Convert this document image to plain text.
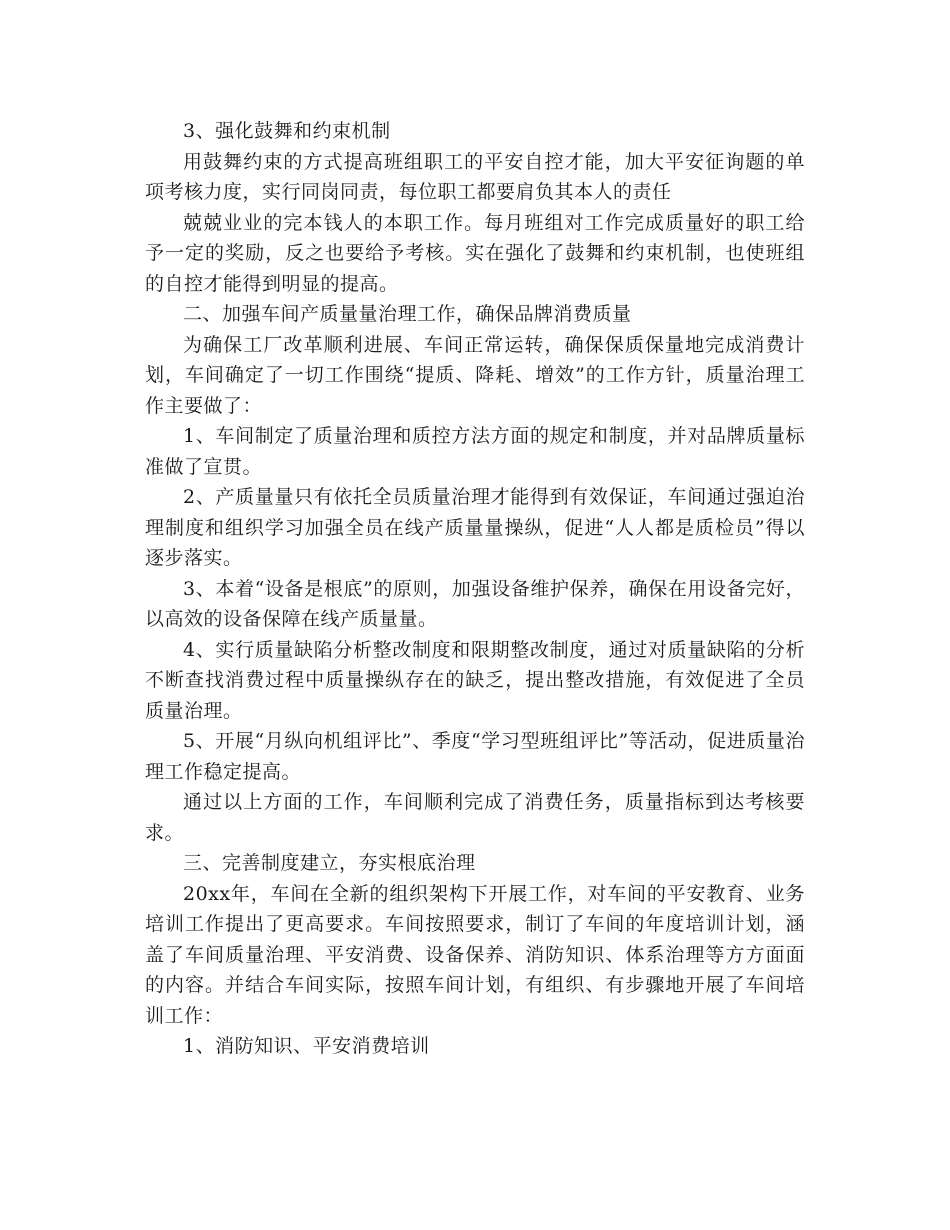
3、强化鼓舞和约束机制

用鼓舞约束的方式提高班组职工的平安自控才能，加大平安征询题的单项考核力度，实行同岗同责，每位职工都要肩负其本人的责任

兢兢业业的完本钱人的本职工作。每月班组对工作完成质量好的职工给予一定的奖励，反之也要给予考核。实在强化了鼓舞和约束机制，也使班组的自控才能得到明显的提高。

二、加强车间产质量量治理工作，确保品牌消费质量

为确保工厂改革顺利进展、车间正常运转，确保保质保量地完成消费计划，车间确定了一切工作围绕“提质、降耗、增效”的工作方针，质量治理工作主要做了：

1、车间制定了质量治理和质控方法方面的规定和制度，并对品牌质量标准做了宣贯。

2、产质量量只有依托全员质量治理才能得到有效保证，车间通过强迫治理制度和组织学习加强全员在线产质量量操纵，促进“人人都是质检员”得以逐步落实。

3、本着“设备是根底”的原则，加强设备维护保养，确保在用设备完好，以高效的设备保障在线产质量量。

4、实行质量缺陷分析整改制度和限期整改制度，通过对质量缺陷的分析不断查找消费过程中质量操纵存在的缺乏，提出整改措施，有效促进了全员质量治理。

5、开展“月纵向机组评比”、季度“学习型班组评比”等活动，促进质量治理工作稳定提高。

通过以上方面的工作，车间顺利完成了消费任务，质量指标到达考核要求。

三、完善制度建立，夯实根底治理

20xx年，车间在全新的组织架构下开展工作，对车间的平安教育、业务培训工作提出了更高要求。车间按照要求，制订了车间的年度培训计划，涵盖了车间质量治理、平安消费、设备保养、消防知识、体系治理等方方面面的内容。并结合车间实际，按照车间计划，有组织、有步骤地开展了车间培训工作：

1、消防知识、平安消费培训
